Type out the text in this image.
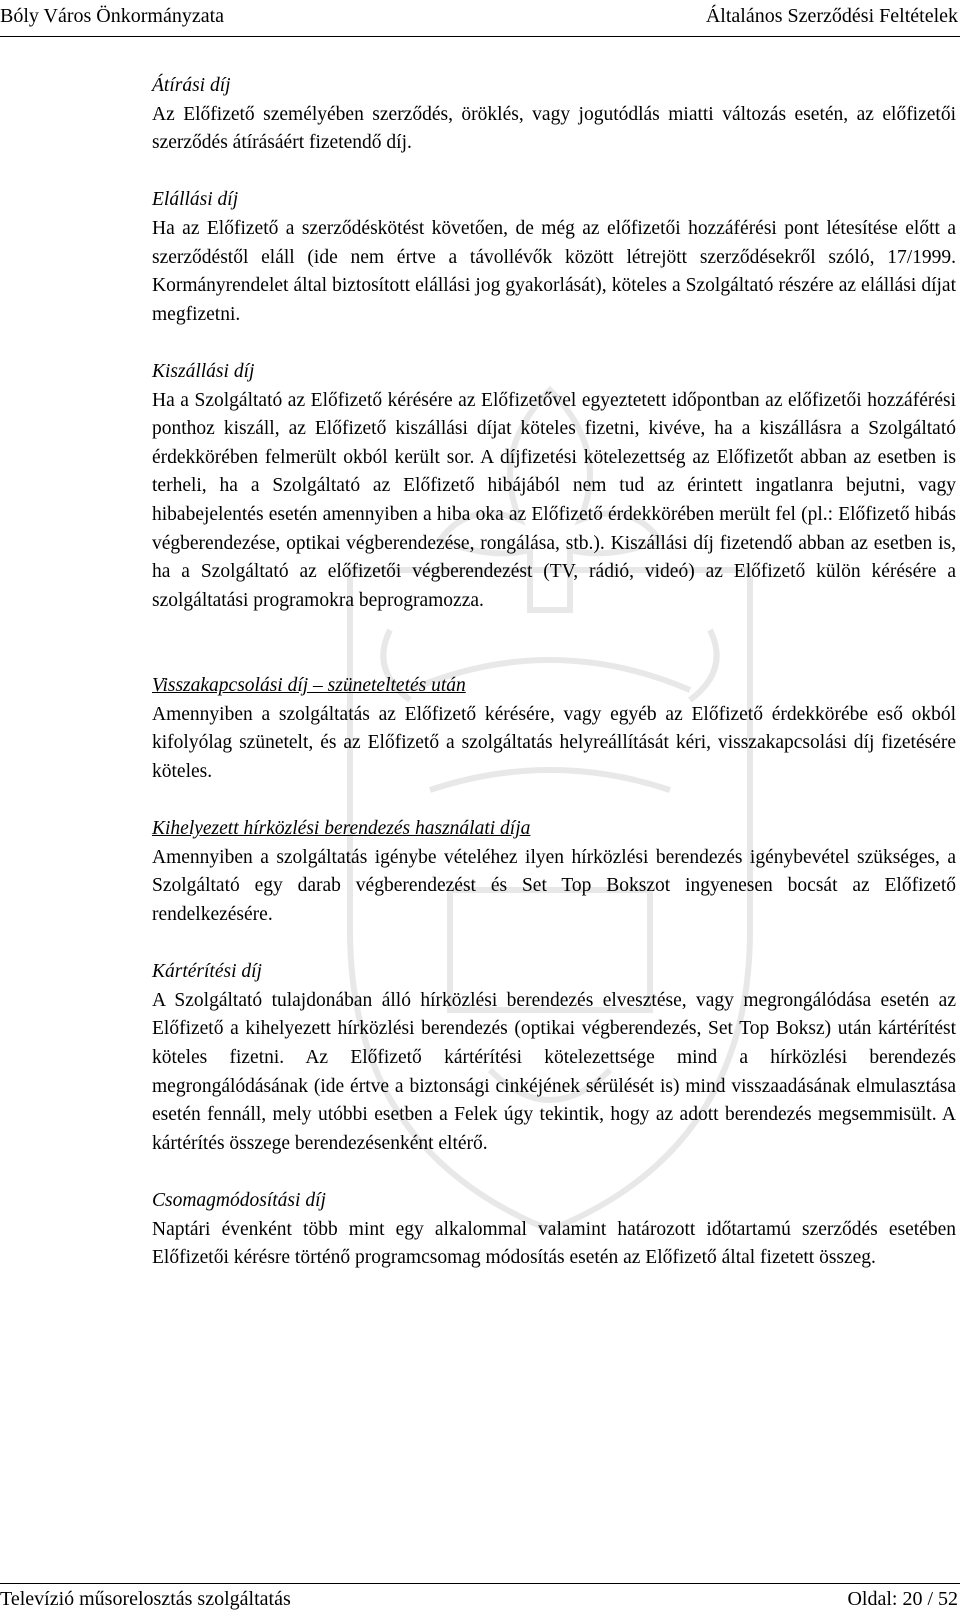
Bóly Város Önkormányzata	Általános Szerződési Feltételek
Átírási díj
Az Előfizető személyében szerződés, öröklés, vagy jogutódlás miatti változás esetén, az előfizetői szerződés átírásáért fizetendő díj.
Elállási díj
Ha az Előfizető a szerződéskötést követően, de még az előfizetői hozzáférési pont létesítése előtt a szerződéstől eláll (ide nem értve a távollévők között létrejött szerződésekről szóló, 17/1999. Kormányrendelet által biztosított elállási jog gyakorlását), köteles a Szolgáltató részére az elállási díjat megfizetni.
Kiszállási díj
Ha a Szolgáltató az Előfizető kérésére az Előfizetővel egyeztetett időpontban az előfizetői hozzáférési ponthoz kiszáll, az Előfizető kiszállási díjat köteles fizetni, kivéve, ha a kiszállásra a Szolgáltató érdekkörében felmerült okból került sor. A díjfizetési kötelezettség az Előfizetőt abban az esetben is terheli, ha a Szolgáltató az Előfizető hibájából nem tud az érintett ingatlanra bejutni, vagy hibabejelentés esetén amennyiben a hiba oka az Előfizető érdekkörében merült fel (pl.: Előfizető hibás végberendezése, optikai végberendezése, rongálása, stb.). Kiszállási díj fizetendő abban az esetben is, ha a Szolgáltató az előfizetői végberendezést (TV, rádió, videó) az Előfizető külön kérésére a szolgáltatási programokra beprogramozza.
Visszakapcsolási díj – szüneteltetés után
Amennyiben a szolgáltatás az Előfizető kérésére, vagy egyéb az Előfizető érdekkörébe eső okból kifolyólag szünetelt, és az Előfizető a szolgáltatás helyreállítását kéri, visszakapcsolási díj fizetésére köteles.
Kihelyezett hírközlési berendezés használati díja
Amennyiben a szolgáltatás igénybe vételéhez ilyen hírközlési berendezés igénybevétel szükséges, a Szolgáltató egy darab végberendezést és Set Top Bokszot ingyenesen bocsát az Előfizető rendelkezésére.
Kártérítési díj
A Szolgáltató tulajdonában álló hírközlési berendezés elvesztése, vagy megrongálódása esetén az Előfizető a kihelyezett hírközlési berendezés (optikai végberendezés, Set Top Boksz) után kártérítést köteles fizetni. Az Előfizető kártérítési kötelezettsége mind a hírközlési berendezés megrongálódásának (ide értve a biztonsági cinkéjének sérülését is) mind visszaadásának elmulasztása esetén fennáll, mely utóbbi esetben a Felek úgy tekintik, hogy az adott berendezés megsemmisült. A kártérítés összege berendezésenként eltérő.
Csomagmódosítási díj
Naptári évenként több mint egy alkalommal valamint határozott időtartamú szerződés esetében Előfizetői kérésre történő programcsomag módosítás esetén az Előfizető által fizetett összeg.
Televízió műsorelosztás szolgáltatás	Oldal: 20 / 52
